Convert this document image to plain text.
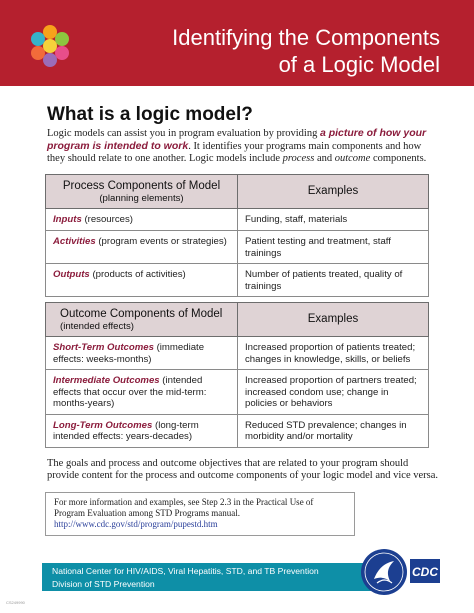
Identifying the Components
of a Logic Model
What is a logic model?

Logic models can assist you in program evaluation by providing a picture of how your program is intended to work. It identifies your programs main components and how they should relate to one another. Logic models include process and outcome components.

Process Components of Model
(planning elements)	Examples
Inputs (resources)	Funding, staff, materials
Activities (program events or strategies)	Patient testing and treatment, staff trainings
Outputs (products of activities)	Number of patients treated, quality of trainings
Outcome Components of Model
(intended effects)	Examples
Short-Term Outcomes (immediate effects: weeks-months)	Increased proportion of patients treated; changes in knowledge, skills, or beliefs
Intermediate Outcomes (intended effects that occur over the mid-term: months-years)	Increased proportion of partners treated; increased condom use; change in policies or behaviors
Long-Term Outcomes (long-term intended effects: years-decades)	Reduced STD prevalence; changes in morbidity and/or mortality

The goals and process and outcome objectives that are related to your program should provide content for the process and outcome components of your logic model and vice versa.

For more information and examples, see Step 2.3 in the Practical Use of Program Evaluation among STD Programs manual.
http://www.cdc.gov/std/program/pupestd.htm
National Center for HIV/AIDS, Viral Hepatitis, STD, and TB Prevention
Division of STD Prevention
CDC
CS249990
